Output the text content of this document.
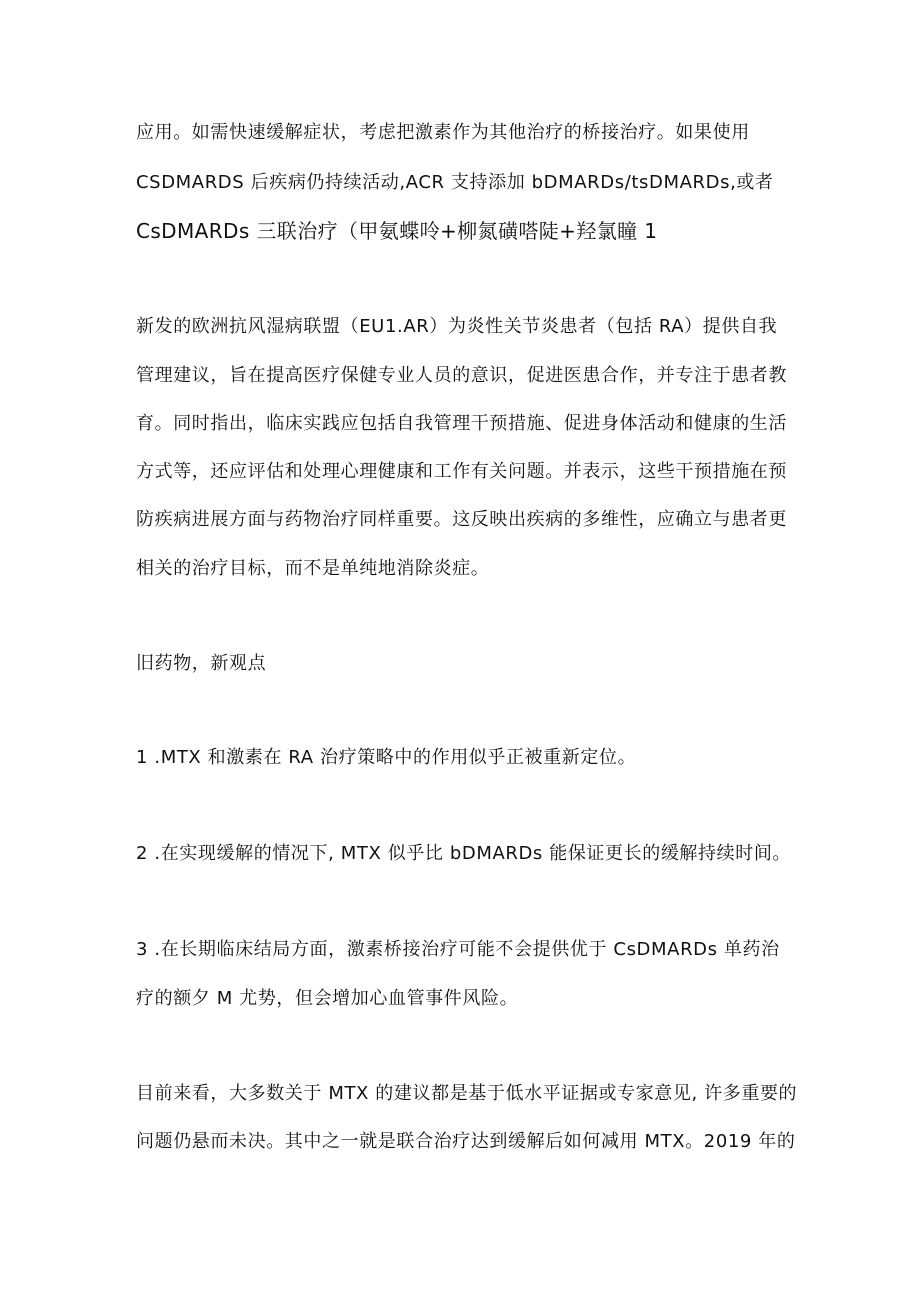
应用。如需快速缓解症状，考虑把激素作为其他治疗的桥接治疗。如果使用
CSDMARDS 后疾病仍持续活动,ACR 支持添加 bDMARDs/tsDMARDs,或者
CsDMARDs 三联治疗（甲氨蝶呤+柳氮磺嗒陡+羟氯瞳 1
新发的欧洲抗风湿病联盟（EU1.AR）为炎性关节炎患者（包括 RA）提供自我
管理建议，旨在提高医疗保健专业人员的意识，促进医患合作，并专注于患者教
育。同时指出，临床实践应包括自我管理干预措施、促进身体活动和健康的生活
方式等，还应评估和处理心理健康和工作有关问题。并表示，这些干预措施在预
防疾病进展方面与药物治疗同样重要。这反映出疾病的多维性，应确立与患者更
相关的治疗目标，而不是单纯地消除炎症。
旧药物，新观点
1 .MTX 和激素在 RA 治疗策略中的作用似乎正被重新定位。
2 .在实现缓解的情况下, MTX 似乎比 bDMARDs 能保证更长的缓解持续时间。
3 .在长期临床结局方面，激素桥接治疗可能不会提供优于 CsDMARDs 单药治
疗的额夕 M 尤势，但会增加心血管事件风险。
目前来看，大多数关于 MTX 的建议都是基于低水平证据或专家意见, 许多重要的
问题仍悬而未决。其中之一就是联合治疗达到缓解后如何减用 MTX。2019 年的
